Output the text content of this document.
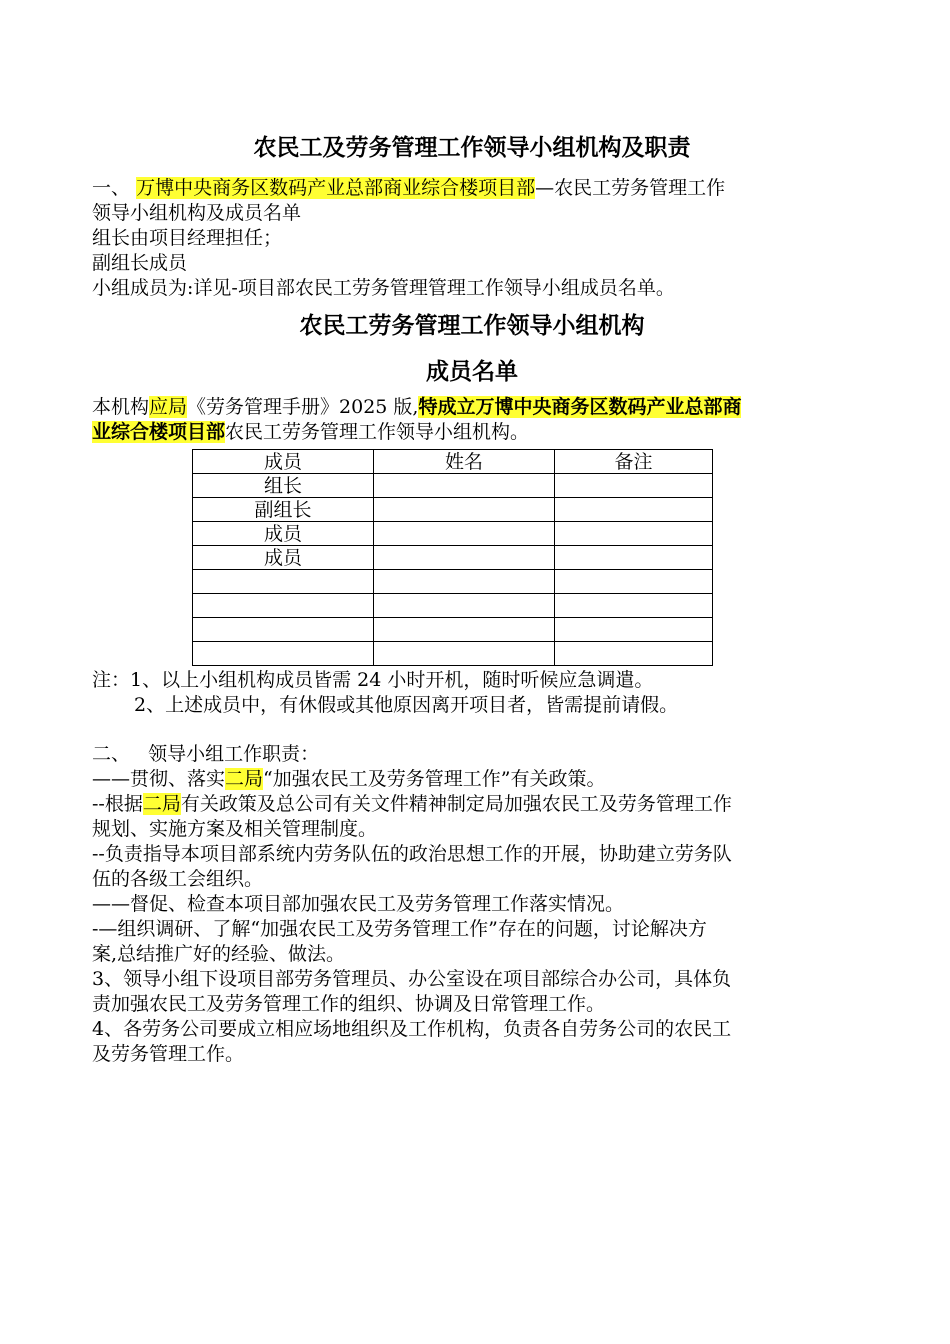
农民工及劳务管理工作领导小组机构及职责

一、 万博中央商务区数码产业总部商业综合楼项目部—农民工劳务管理工作

领导小组机构及成员名单

组长由项目经理担任；

副组长成员

小组成员为:详见-项目部农民工劳务管理管理工作领导小组成员名单。

农民工劳务管理工作领导小组机构
成员名单

本机构应局《劳务管理手册》2025 版,特成立万博中央商务区数码产业总部商

业综合楼项目部农民工劳务管理工作领导小组机构。

成员	姓名	备注
组长		
副组长		
成员		
成员		

注：1、以上小组机构成员皆需 24 小时开机，随时听候应急调遣。

2、上述成员中，有休假或其他原因离开项目者，皆需提前请假。

二、   领导小组工作职责：

——贯彻、落实二局“加强农民工及劳务管理工作”有关政策。

--根据二局有关政策及总公司有关文件精神制定局加强农民工及劳务管理工作

规划、实施方案及相关管理制度。

--负责指导本项目部系统内劳务队伍的政治思想工作的开展，协助建立劳务队

伍的各级工会组织。

——督促、检查本项目部加强农民工及劳务管理工作落实情况。

-—组织调研、了解“加强农民工及劳务管理工作”存在的问题，讨论解决方

案,总结推广好的经验、做法。

3、领导小组下设项目部劳务管理员、办公室设在项目部综合办公司，具体负

责加强农民工及劳务管理工作的组织、协调及日常管理工作。

4、各劳务公司要成立相应场地组织及工作机构，负责各自劳务公司的农民工

及劳务管理工作。
